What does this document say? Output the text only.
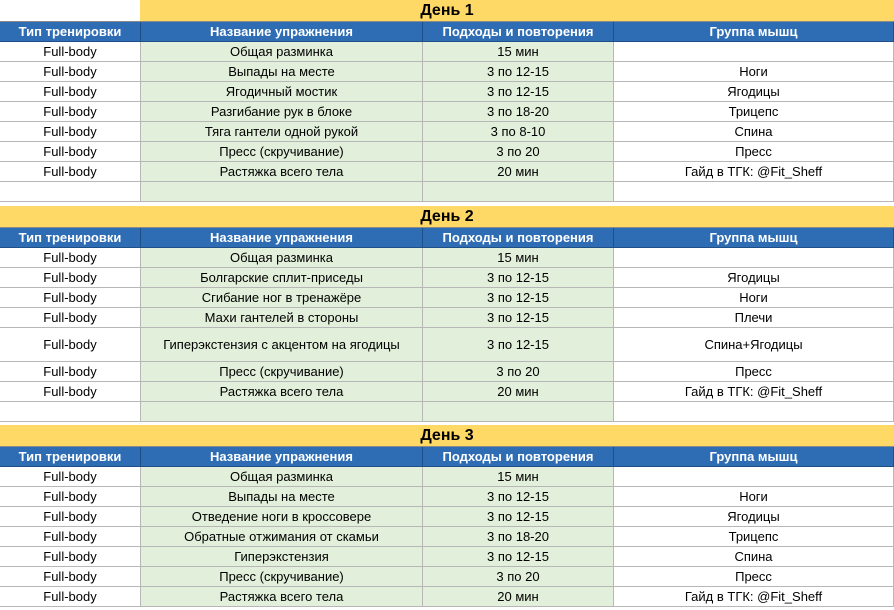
День 1
Тип тренировки	Название упражнения	Подходы и повторения	Группа мышц
Full-body	Общая разминка	15 мин
Full-body	Выпады на месте	3 по 12-15	Ноги
Full-body	Ягодичный мостик	3 по 12-15	Ягодицы
Full-body	Разгибание рук в блоке	3 по 18-20	Трицепс
Full-body	Тяга гантели одной рукой	3 по 8-10	Спина
Full-body	Пресс (скручивание)	3 по 20	Пресс
Full-body	Растяжка всего тела	20 мин	Гайд в ТГК: @Fit_Sheff
День 2
Тип тренировки	Название упражнения	Подходы и повторения	Группа мышц
Full-body	Общая разминка	15 мин
Full-body	Болгарские сплит-приседы	3 по 12-15	Ягодицы
Full-body	Сгибание ног в тренажёре	3 по 12-15	Ноги
Full-body	Махи гантелей в стороны	3 по 12-15	Плечи
Full-body	Гиперэкстензия с акцентом на ягодицы	3 по 12-15	Спина+Ягодицы
Full-body	Пресс (скручивание)	3 по 20	Пресс
Full-body	Растяжка всего тела	20 мин	Гайд в ТГК: @Fit_Sheff
День 3
Тип тренировки	Название упражнения	Подходы и повторения	Группа мышц
Full-body	Общая разминка	15 мин
Full-body	Выпады на месте	3 по 12-15	Ноги
Full-body	Отведение ноги в кроссовере	3 по 12-15	Ягодицы
Full-body	Обратные отжимания от скамьи	3 по 18-20	Трицепс
Full-body	Гиперэкстензия	3 по 12-15	Спина
Full-body	Пресс (скручивание)	3 по 20	Пресс
Full-body	Растяжка всего тела	20 мин	Гайд в ТГК: @Fit_Sheff
